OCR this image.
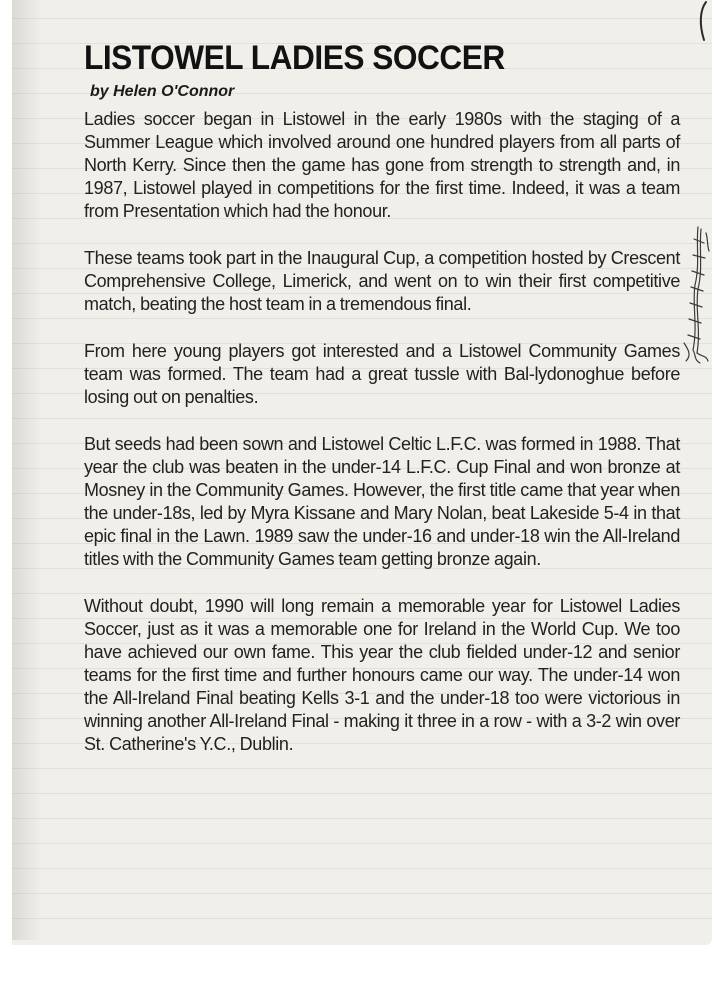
LISTOWEL LADIES SOCCER
by Helen O'Connor

Ladies soccer began in Listowel in the early 1980s with the staging of a Summer League which involved around one hundred players from all parts of North Kerry. Since then the game has gone from strength to strength and, in 1987, Listowel played in competitions for the first time. Indeed, it was a team from Presentation which had the honour.

These teams took part in the Inaugural Cup, a competition hosted by Crescent Comprehensive College, Limerick, and went on to win their first competitive match, beating the host team in a tremendous final.

From here young players got interested and a Listowel Community Games team was formed. The team had a great tussle with Bal-lydonoghue before losing out on penalties.

But seeds had been sown and Listowel Celtic L.F.C. was formed in 1988. That year the club was beaten in the under-14 L.F.C. Cup Final and won bronze at Mosney in the Community Games. However, the first title came that year when the under-18s, led by Myra Kissane and Mary Nolan, beat Lakeside 5-4 in that epic final in the Lawn. 1989 saw the under-16 and under-18 win the All-Ireland titles with the Community Games team getting bronze again.

Without doubt, 1990 will long remain a memorable year for Listowel Ladies Soccer, just as it was a memorable one for Ireland in the World Cup. We too have achieved our own fame. This year the club fielded under-12 and senior teams for the first time and further honours came our way. The under-14 won the All-Ireland Final beating Kells 3-1 and the under-18 too were victorious in winning another All-Ireland Final - making it three in a row - with a 3-2 win over St. Catherine's Y.C., Dublin.
